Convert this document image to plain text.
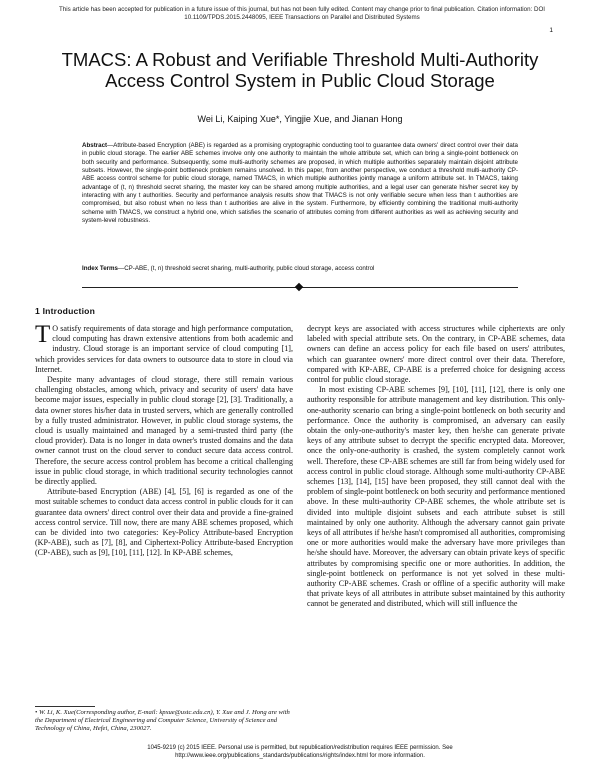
This article has been accepted for publication in a future issue of this journal, but has not been fully edited. Content may change prior to final publication. Citation information: DOI
10.1109/TPDS.2015.2448095, IEEE Transactions on Parallel and Distributed Systems
1
TMACS: A Robust and Verifiable Threshold Multi-Authority
Access Control System in Public Cloud Storage
Wei Li, Kaiping Xue*, Yingjie Xue, and Jianan Hong
Abstract—Attribute-based Encryption (ABE) is regarded as a promising cryptographic conducting tool to guarantee data owners' direct control over their data in public cloud storage. The earlier ABE schemes involve only one authority to maintain the whole attribute set, which can bring a single-point bottleneck on both security and performance. Subsequently, some multi-authority schemes are proposed, in which multiple authorities separately maintain disjoint attribute subsets. However, the single-point bottleneck problem remains unsolved. In this paper, from another perspective, we conduct a threshold multi-authority CP-ABE access control scheme for public cloud storage, named TMACS, in which multiple authorities jointly manage a uniform attribute set. In TMACS, taking advantage of (t, n) threshold secret sharing, the master key can be shared among multiple authorities, and a legal user can generate his/her secret key by interacting with any t authorities. Security and performance analysis results show that TMACS is not only verifiable secure when less than t authorities are compromised, but also robust when no less than t authorities are alive in the system. Furthermore, by efficiently combining the traditional multi-authority scheme with TMACS, we construct a hybrid one, which satisfies the scenario of attributes coming from different authorities as well as achieving security and system-level robustness.
Index Terms—CP-ABE, (t, n) threshold secret sharing, multi-authority, public cloud storage, access control
1 Introduction

T O satisfy requirements of data storage and high performance computation, cloud computing has drawn extensive attentions from both academic and industry. Cloud storage is an important service of cloud computing [1], which provides services for data owners to outsource data to store in cloud via Internet.

Despite many advantages of cloud storage, there still remain various challenging obstacles, among which, privacy and security of users' data have become major issues, especially in public cloud storage [2], [3]. Traditionally, a data owner stores his/her data in trusted servers, which are generally controlled by a fully trusted administrator. However, in public cloud storage systems, the cloud is usually maintained and managed by a semi-trusted third party (the cloud provider). Data is no longer in data owner's trusted domains and the data owner cannot trust on the cloud server to conduct secure data access control. Therefore, the secure access control problem has become a critical challenging issue in public cloud storage, in which traditional security technologies cannot be directly applied.

Attribute-based Encryption (ABE) [4], [5], [6] is regarded as one of the most suitable schemes to conduct data access control in public clouds for it can guarantee data owners' direct control over their data and provide a fine-grained access control service. Till now, there are many ABE schemes proposed, which can be divided into two categories: Key-Policy Attribute-based Encryption (KP-ABE), such as [7], [8], and Ciphertext-Policy Attribute-based Encryption (CP-ABE), such as [9], [10], [11], [12]. In KP-ABE schemes,

• W. Li, K. Xue(Corresponding author, E-mail: kpxue@ustc.edu.cn), Y. Xue and J. Hong are with the Department of Electrical Engineering and Computer Science, University of Science and Technology of China, Hefei, China, 230027.

decrypt keys are associated with access structures while ciphertexts are only labeled with special attribute sets. On the contrary, in CP-ABE schemes, data owners can define an access policy for each file based on users' attributes, which can guarantee owners' more direct control over their data. Therefore, compared with KP-ABE, CP-ABE is a preferred choice for designing access control for public cloud storage.

In most existing CP-ABE schemes [9], [10], [11], [12], there is only one authority responsible for attribute management and key distribution. This only-one-authority scenario can bring a single-point bottleneck on both security and performance. Once the authority is compromised, an adversary can easily obtain the only-one-authority's master key, then he/she can generate private keys of any attribute subset to decrypt the specific encrypted data. Moreover, once the only-one-authority is crashed, the system completely cannot work well. Therefore, these CP-ABE schemes are still far from being widely used for access control in public cloud storage. Although some multi-authority CP-ABE schemes [13], [14], [15] have been proposed, they still cannot deal with the problem of single-point bottleneck on both security and performance mentioned above. In these multi-authority CP-ABE schemes, the whole attribute set is divided into multiple disjoint subsets and each attribute subset is still maintained by only one authority. Although the adversary cannot gain private keys of all attributes if he/she hasn't compromised all authorities, compromising one or more authorities would make the adversary have more privileges than he/she should have. Moreover, the adversary can obtain private keys of specific attributes by compromising specific one or more authorities. In addition, the single-point bottleneck on performance is not yet solved in these multi-authority CP-ABE schemes. Crash or offline of a specific authority will make that private keys of all attributes in attribute subset maintained by this authority cannot be generated and distributed, which will still influence the

1045-9219 (c) 2015 IEEE. Personal use is permitted, but republication/redistribution requires IEEE permission. See
http://www.ieee.org/publications_standards/publications/rights/index.html for more information.
